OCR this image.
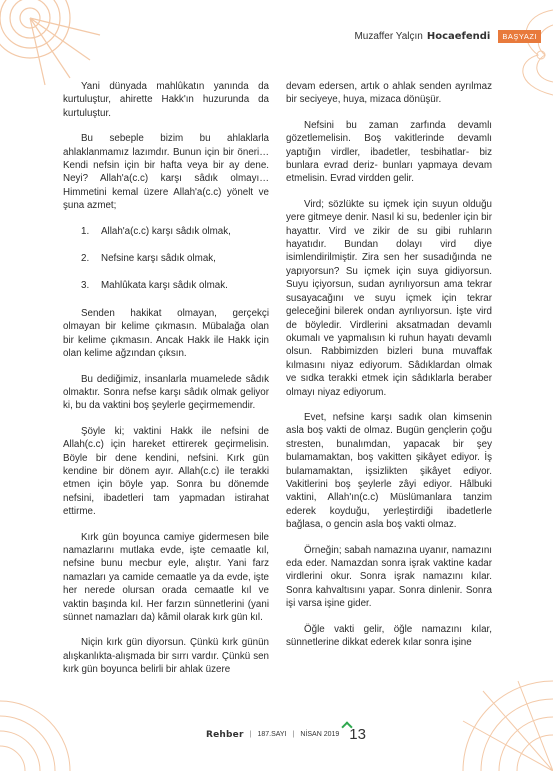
Muzaffer Yalçın Hocaefendi	BAŞYAZI

Yani dünyada mahlûkatın yanında da kurtuluştur, ahirette Hakk'ın huzurunda da kurtuluştur.

Bu sebeple bizim bu ahlaklarla ahlaklanmamız lazımdır. Bunun için bir öneri… Kendi nefsin için bir hafta veya bir ay dene. Neyi? Allah'a(c.c) karşı sâdık olmayı… Himmetini kemal üzere Allah'a(c.c) yönelt ve şuna azmet;

1. Allah'a(c.c) karşı sâdık olmak,
2. Nefsine karşı sâdık olmak,
3. Mahlûkata karşı sâdık olmak.

Senden hakikat olmayan, gerçekçi olmayan bir kelime çıkmasın. Mübalağa olan bir kelime çıkmasın. Ancak Hakk ile Hakk için olan kelime ağzından çıksın.

Bu dediğimiz, insanlarla muamelede sâdık olmaktır. Sonra nefse karşı sâdık olmak geliyor ki, bu da vaktini boş şeylerle geçirmemendir.

Şöyle ki; vaktini Hakk ile nefsini de Allah(c.c) için hareket ettirerek geçirmelisin. Böyle bir dene kendini, nefsini. Kırk gün kendine bir dönem ayır. Allah(c.c) ile terakki etmen için böyle yap. Sonra bu dönemde nefsini, ibadetleri tam yapmadan istirahat ettirme.

Kırk gün boyunca camiye gidermesen bile namazlarını mutlaka evde, işte cemaatle kıl, nefsine bunu mecbur eyle, alıştır. Yani farz namazları ya camide cemaatle ya da evde, işte her nerede olursan orada cemaatle kıl ve vaktin başında kıl. Her farzın sünnetlerini (yani sünnet namazları da) kâmil olarak kırk gün kıl.

Niçin kırk gün diyorsun. Çünkü kırk günün alışkanlıkta-alışmada bir sırrı vardır. Çünkü sen kırk gün boyunca belirli bir ahlak üzere

devam edersen, artık o ahlak senden ayrılmaz bir seciyeye, huya, mizaca dönüşür.

Nefsini bu zaman zarfında devamlı gözetlemelisin. Boş vakitlerinde devamlı yaptığın virdler, ibadetler, tesbihatlar- biz bunlara evrad deriz- bunları yapmaya devam etmelisin. Evrad virdden gelir.

Vird; sözlükte su içmek için suyun olduğu yere gitmeye denir. Nasıl ki su, bedenler için bir hayattır. Vird ve zikir de su gibi ruhların hayatıdır. Bundan dolayı vird diye isimlendirilmiştir. Zira sen her susadığında ne yapıyorsun? Su içmek için suya gidiyorsun. Suyu içiyorsun, sudan ayrılıyorsun ama tekrar susayacağını ve suyu içmek için tekrar geleceğini bilerek ondan ayrılıyorsun. İşte vird de böyledir. Virdlerini aksatmadan devamlı okumalı ve yapmalısın ki ruhun hayatı devamlı olsun. Rabbimizden bizleri buna muvaffak kılmasını niyaz ediyorum. Sâdıklardan olmak ve sıdka terakki etmek için sâdıklarla beraber olmayı niyaz ediyorum.

Evet, nefsine karşı sadık olan kimsenin asla boş vakti de olmaz. Bugün gençlerin çoğu stresten, bunalımdan, yapacak bir şey bulamamaktan, boş vakitten şikâyet ediyor. İş bulamamaktan, işsizlikten şikâyet ediyor. Vakitlerini boş şeylerle zâyi ediyor. Hâlbuki vaktini, Allah'ın(c.c) Müslümanlara tanzim ederek koyduğu, yerleştirdiği ibadetlerle bağlasa, o gencin asla boş vakti olmaz.

Örneğin; sabah namazına uyanır, namazını eda eder. Namazdan sonra işrak vaktine kadar virdlerini okur. Sonra işrak namazını kılar. Sonra kahvaltısını yapar. Sonra dinlenir. Sonra işi varsa işine gider.

Öğle vakti gelir, öğle namazını kılar, sünnetlerine dikkat ederek kılar sonra işine

Rehber | 187.SAYI | NİSAN 2019 13
